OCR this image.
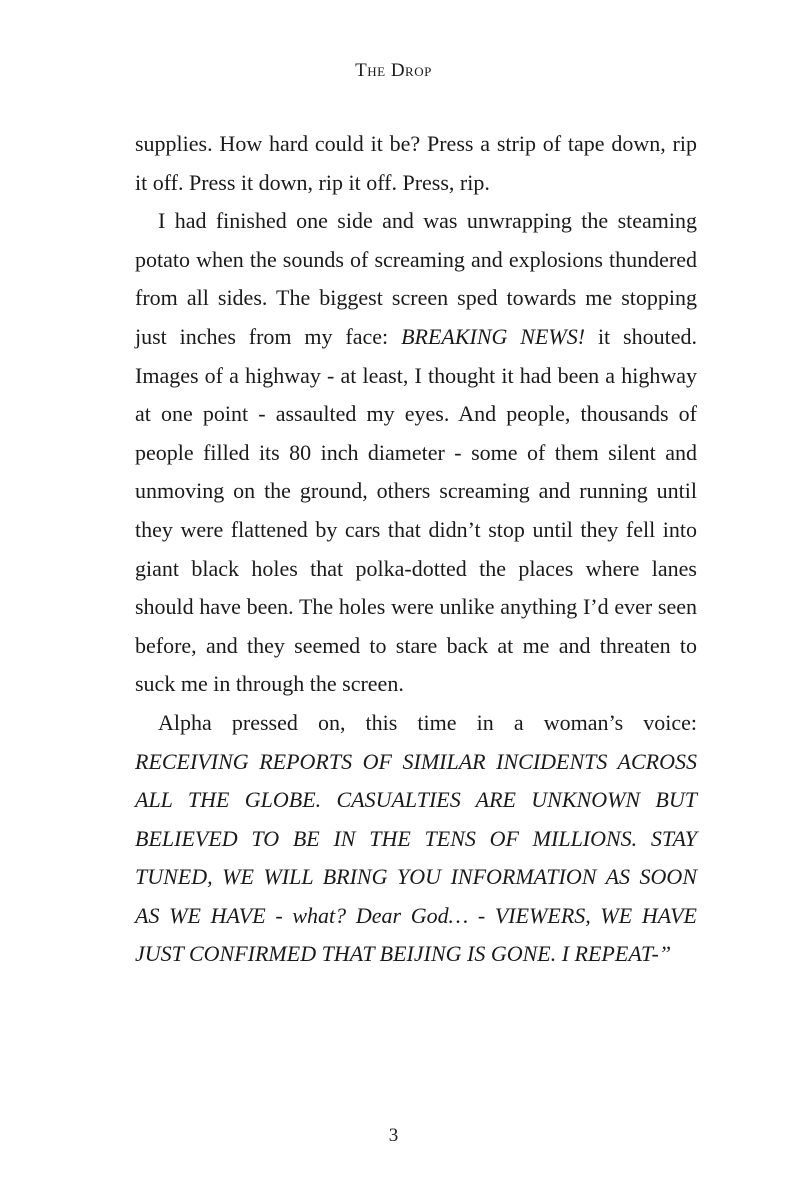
The Drop

supplies. How hard could it be? Press a strip of tape down, rip it off. Press it down, rip it off. Press, rip.

I had finished one side and was unwrapping the steaming potato when the sounds of screaming and explosions thundered from all sides. The biggest screen sped towards me stopping just inches from my face: BREAKING NEWS! it shouted. Images of a highway - at least, I thought it had been a highway at one point - assaulted my eyes. And people, thousands of people filled its 80 inch diameter - some of them silent and unmoving on the ground, others screaming and running until they were flattened by cars that didn’t stop until they fell into giant black holes that polka-dotted the places where lanes should have been. The holes were unlike anything I’d ever seen before, and they seemed to stare back at me and threaten to suck me in through the screen.

Alpha pressed on, this time in a woman’s voice: RECEIVING REPORTS OF SIMILAR INCIDENTS ACROSS ALL THE GLOBE. CASUALTIES ARE UNKNOWN BUT BELIEVED TO BE IN THE TENS OF MILLIONS. STAY TUNED, WE WILL BRING YOU INFORMATION AS SOON AS WE HAVE - what? Dear God… - VIEWERS, WE HAVE JUST CONFIRMED THAT BEIJING IS GONE. I REPEAT-”

3
